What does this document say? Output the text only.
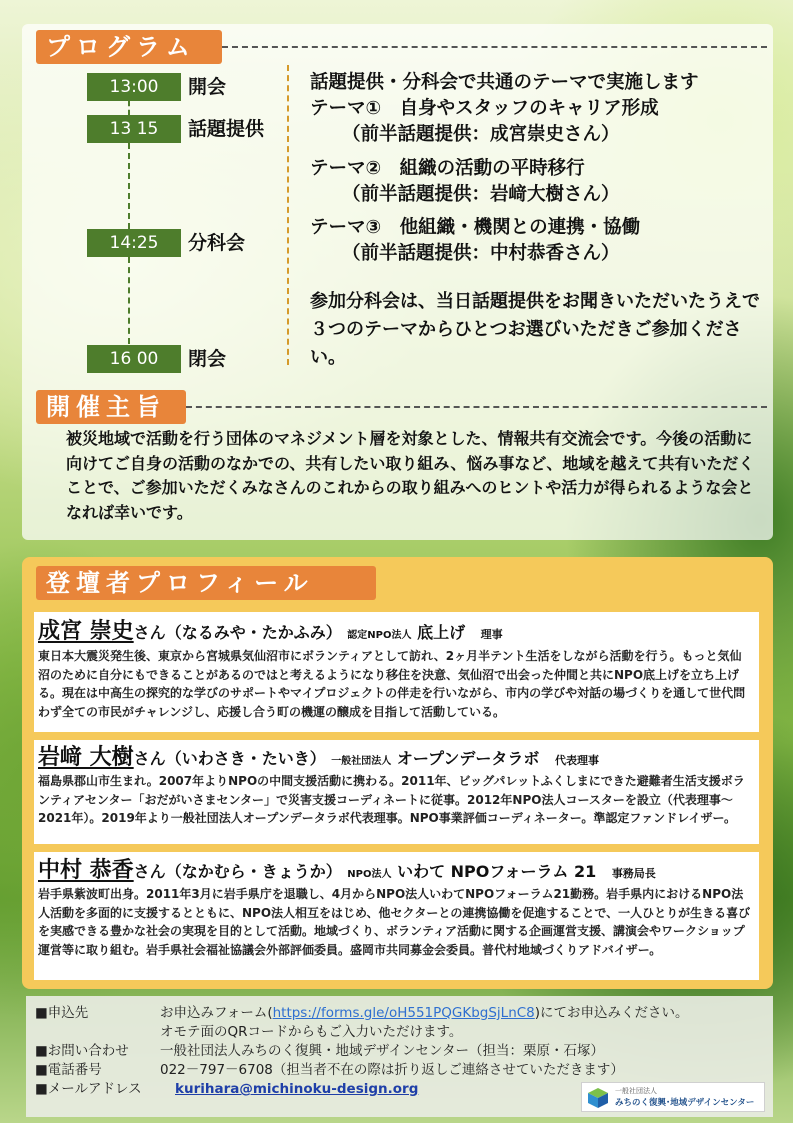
プログラム
13:00	開会
13 15	話題提供
14:25	分科会
16 00	閉会
話題提供・分科会で共通のテーマで実施します
テーマ①　自身やスタッフのキャリア形成
（前半話題提供：成宮崇史さん）
テーマ②　組織の活動の平時移行
（前半話題提供：岩﨑大樹さん）
テーマ③　他組織・機関との連携・協働
（前半話題提供：中村恭香さん）
参加分科会は、当日話題提供をお聞きいただいたうえで３つのテーマからひとつお選びいただきご参加ください。
開催主旨
被災地域で活動を行う団体のマネジメント層を対象とした、情報共有交流会です。今後の活動に向けてご自身の活動のなかでの、共有したい取り組み、悩み事など、地域を越えて共有いただくことで、ご参加いただくみなさんのこれからの取り組みへのヒントや活力が得られるような会となれば幸いです。
登壇者プロフィール
成宮 崇史さん（なるみや・たかふみ） 認定NPO法人 底上げ 理事
東日本大震災発生後、東京から宮城県気仙沼市にボランティアとして訪れ、2ヶ月半テント生活をしながら活動を行う。もっと気仙沼のために自分にもできることがあるのではと考えるようになり移住を決意、気仙沼で出会った仲間と共にNPO底上げを立ち上げる。現在は中高生の探究的な学びのサポートやマイプロジェクトの伴走を行いながら、市内の学びや対話の場づくりを通して世代問わず全ての市民がチャレンジし、応援し合う町の機運の醸成を目指して活動している。
岩﨑 大樹さん（いわさき・たいき） 一般社団法人 オープンデータラボ 代表理事
福島県郡山市生まれ。2007年よりNPOの中間支援活動に携わる。2011年、ビッグパレットふくしまにできた避難者生活支援ボランティアセンター「おだがいさまセンター」で災害支援コーディネートに従事。2012年NPO法人コースターを設立（代表理事～2021年）。2019年より一般社団法人オープンデータラボ代表理事。NPO事業評価コーディネーター。準認定ファンドレイザー。
中村 恭香さん（なかむら・きょうか） NPO法人 いわて NPOフォーラム 21 事務局長
岩手県紫波町出身。2011年3月に岩手県庁を退職し、4月からNPO法人いわてNPOフォーラム21勤務。岩手県内におけるNPO法人活動を多面的に支援するとともに、NPO法人相互をはじめ、他セクターとの連携協働を促進することで、一人ひとりが生きる喜びを実感できる豊かな社会の実現を目的として活動。地域づくり、ボランティア活動に関する企画運営支援、講演会やワークショップ運営等に取り組む。岩手県社会福祉協議会外部評価委員。盛岡市共同募金会委員。普代村地域づくりアドバイザー。
■申込先	お申込みフォーム(https://forms.gle/oH551PQGKbgSjLnC8)にてお申込みください。
オモテ面のQRコードからもご入力いただけます。
■お問い合わせ 一般社団法人みちのく復興・地域デザインセンター（担当：栗原・石塚）
■電話番号	022－797－6708（担当者不在の際は折り返しご連絡させていただきます）
■メールアドレス kurihara@michinoku-design.org	一般社団法人
みちのく復興･地域デザインセンター
